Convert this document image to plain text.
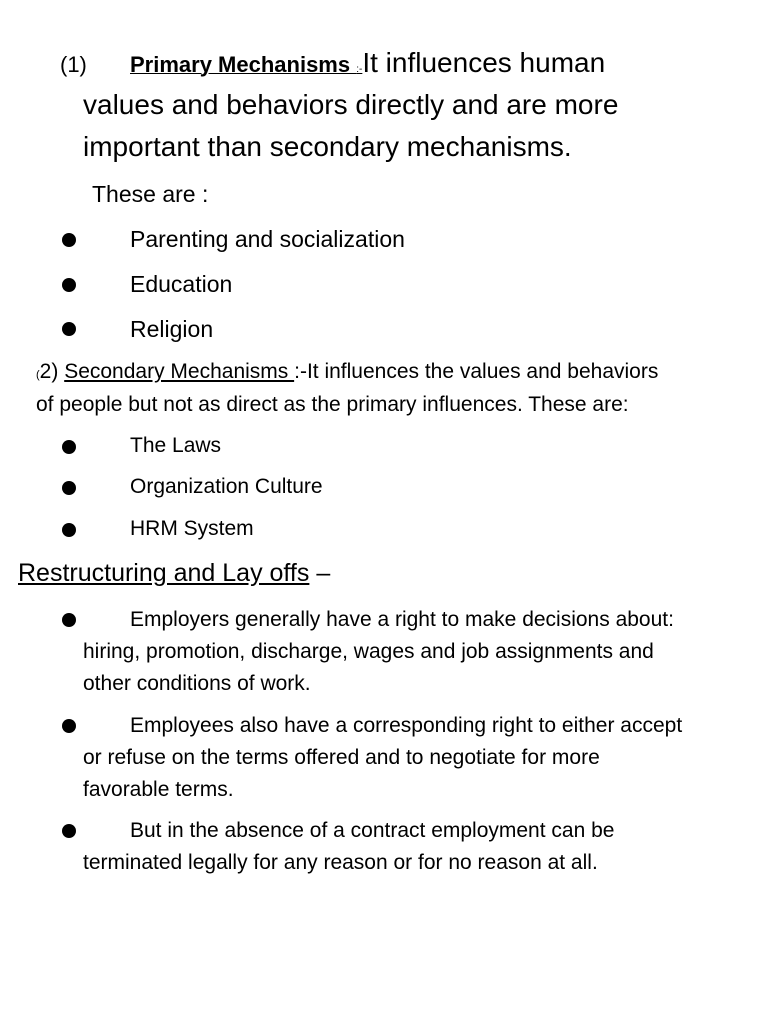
(1) Primary Mechanisms :-It influences human
values and behaviors directly and are more
important than secondary mechanisms.
These are :
Parenting and socialization
Education
Religion
(2) Secondary Mechanisms :-It influences the values and behaviors
of people but not as direct as the primary influences. These are:
The Laws
Organization Culture
HRM System
Restructuring and Lay offs –
Employers generally have a right to make decisions about:
hiring, promotion, discharge, wages and job assignments and
other conditions of work.
Employees also have a corresponding right to either accept
or refuse on the terms offered and to negotiate for more
favorable terms.
But in the absence of a contract employment can be
terminated legally for any reason or for no reason at all.
